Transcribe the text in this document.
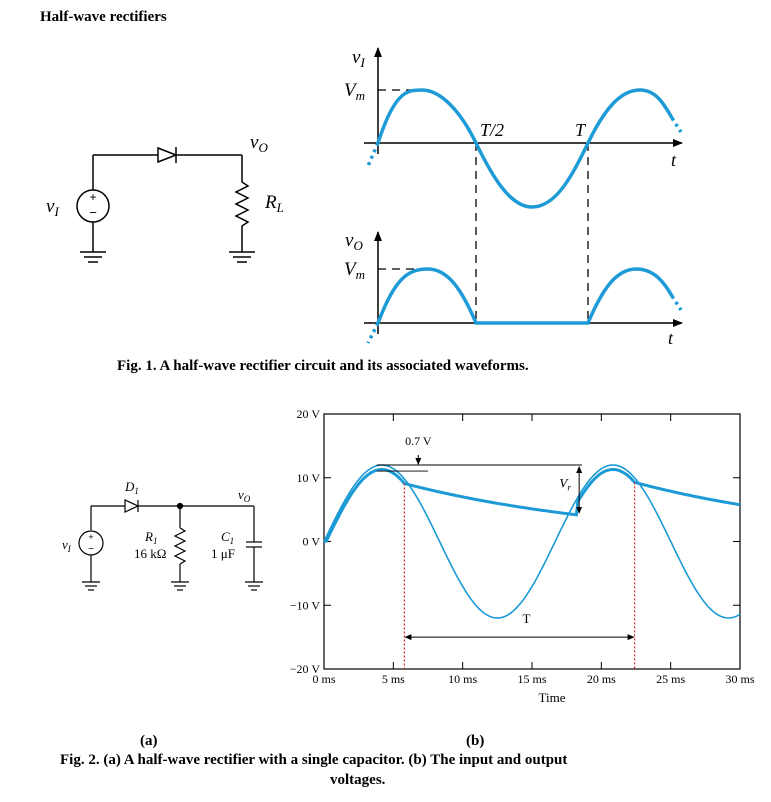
Half-wave rectifiers
+
−
$v_I$
$v_O$
$R_L$
$v_I$
$V_m$
T/2	T
t
$v_O$
$V_m$
t
+
−
$v_I$
$D_1$
$R_1$
16 kΩ
$C_1$
1 μF
$v_O$
20 V
10 V
0 V
−10 V
−20 V
0 ms	5 ms	10 ms	15 ms	20 ms	25 ms	30 ms
Time
0.7 V
$V_r$
T
Fig. 1. A half-wave rectifier circuit and its associated waveforms.
(a)	(b)
Fig. 2. (a) A half-wave rectifier with a single capacitor. (b) The input and output
voltages.
